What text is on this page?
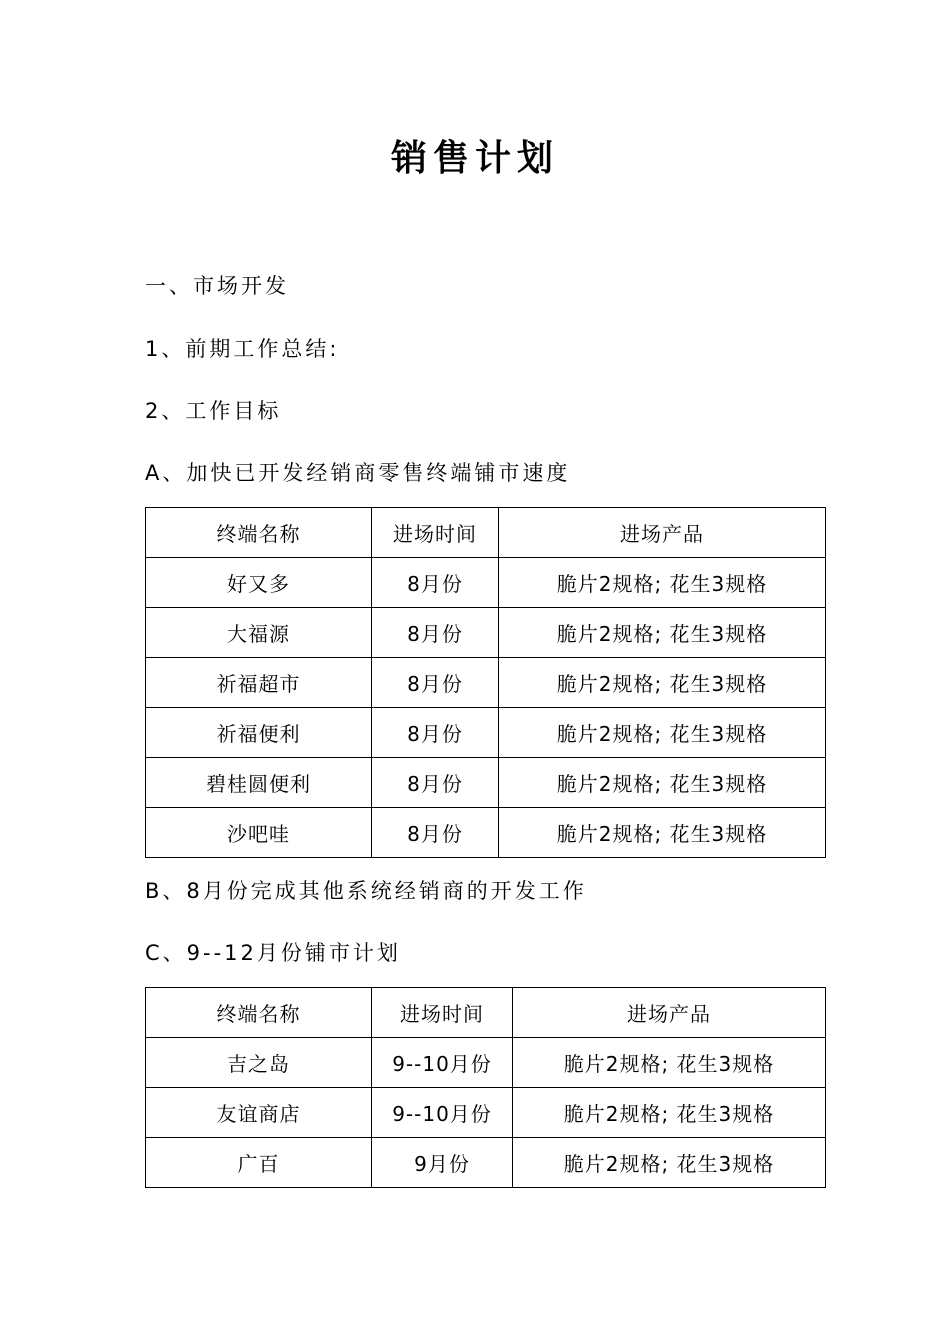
销售计划
一、市场开发
1、前期工作总结:
2、工作目标
A、加快已开发经销商零售终端铺市速度
终端名称	进场时间	进场产品
好又多	8月份	脆片2规格; 花生3规格
大福源	8月份	脆片2规格; 花生3规格
祈福超市	8月份	脆片2规格; 花生3规格
祈福便利	8月份	脆片2规格; 花生3规格
碧桂圆便利	8月份	脆片2规格; 花生3规格
沙吧哇	8月份	脆片2规格; 花生3规格
B、8月份完成其他系统经销商的开发工作
C、9--12月份铺市计划
终端名称	进场时间	进场产品
吉之岛	9--10月份	脆片2规格; 花生3规格
友谊商店	9--10月份	脆片2规格; 花生3规格
广百	9月份	脆片2规格; 花生3规格
